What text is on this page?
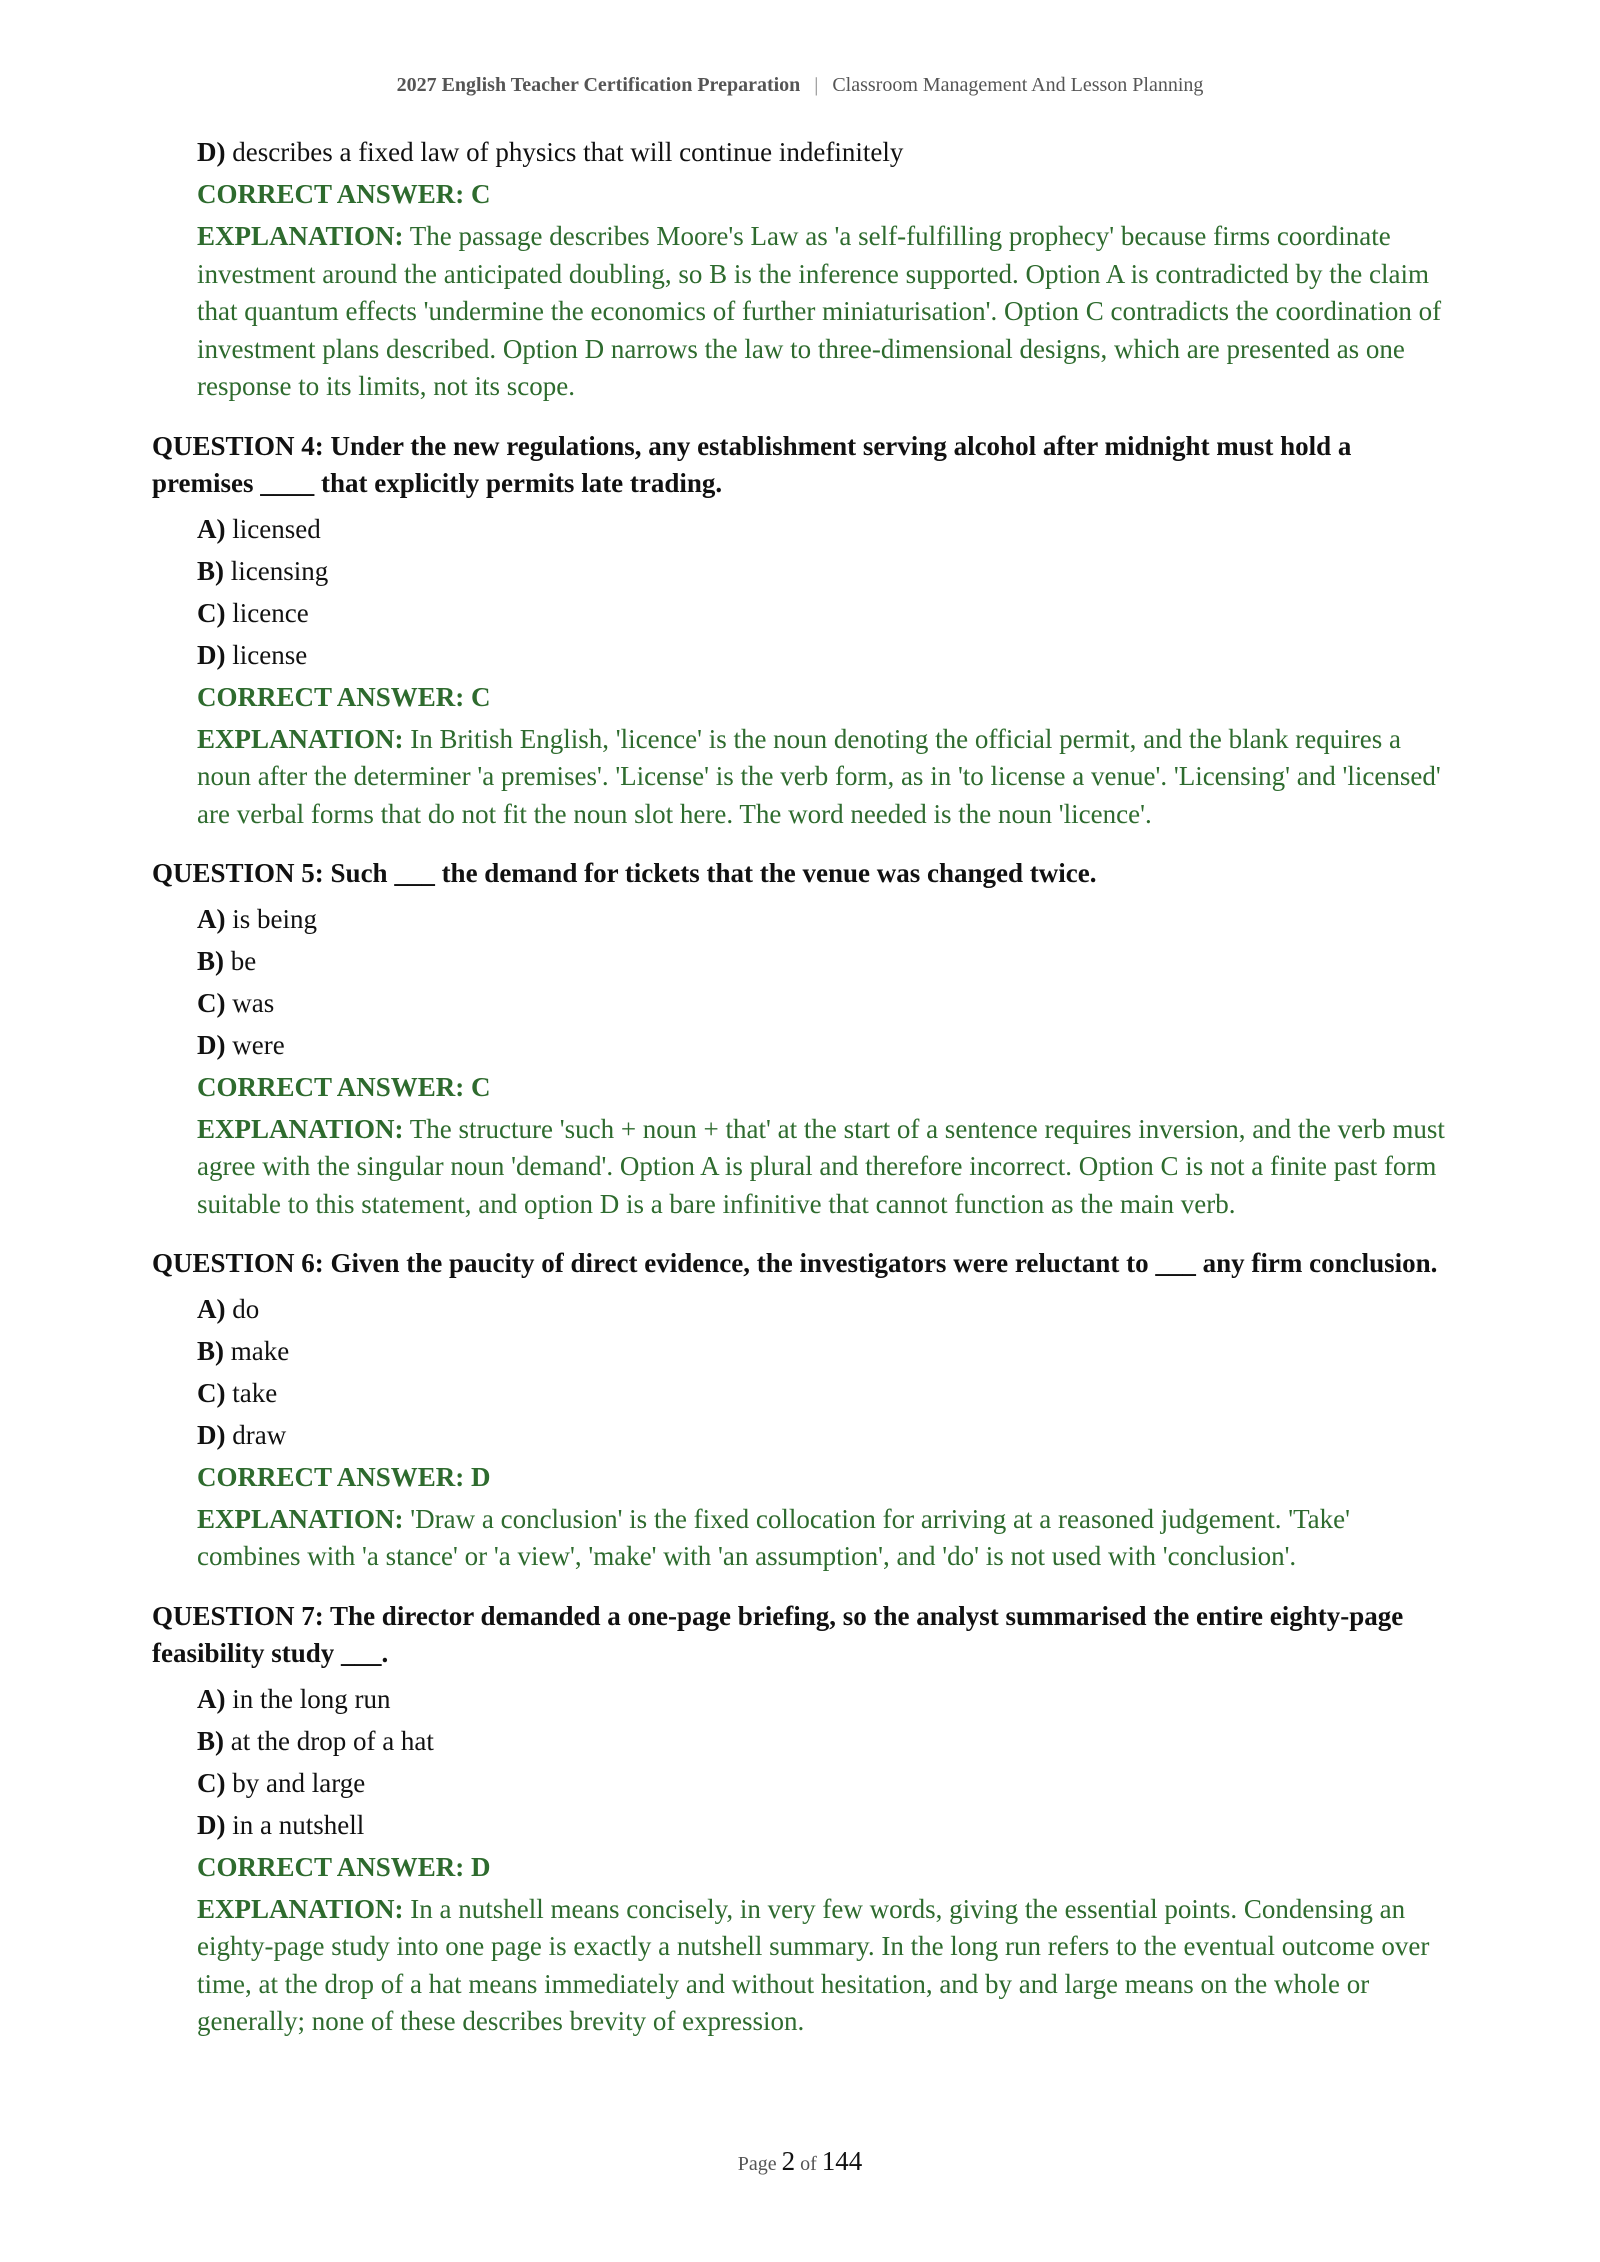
2027 English Teacher Certification Preparation | Classroom Management And Lesson Planning
D) describes a fixed law of physics that will continue indefinitely
CORRECT ANSWER: C
EXPLANATION: The passage describes Moore's Law as 'a self-fulfilling prophecy' because firms coordinate investment around the anticipated doubling, so B is the inference supported. Option A is contradicted by the claim that quantum effects 'undermine the economics of further miniaturisation'. Option C contradicts the coordination of investment plans described. Option D narrows the law to three-dimensional designs, which are presented as one response to its limits, not its scope.
QUESTION 4: Under the new regulations, any establishment serving alcohol after midnight must hold a premises ____ that explicitly permits late trading.
A) licensed
B) licensing
C) licence
D) license
CORRECT ANSWER: C
EXPLANATION: In British English, 'licence' is the noun denoting the official permit, and the blank requires a noun after the determiner 'a premises'. 'License' is the verb form, as in 'to license a venue'. 'Licensing' and 'licensed' are verbal forms that do not fit the noun slot here. The word needed is the noun 'licence'.
QUESTION 5: Such ___ the demand for tickets that the venue was changed twice.
A) is being
B) be
C) was
D) were
CORRECT ANSWER: C
EXPLANATION: The structure 'such + noun + that' at the start of a sentence requires inversion, and the verb must agree with the singular noun 'demand'. Option A is plural and therefore incorrect. Option C is not a finite past form suitable to this statement, and option D is a bare infinitive that cannot function as the main verb.
QUESTION 6: Given the paucity of direct evidence, the investigators were reluctant to ___ any firm conclusion.
A) do
B) make
C) take
D) draw
CORRECT ANSWER: D
EXPLANATION: 'Draw a conclusion' is the fixed collocation for arriving at a reasoned judgement. 'Take' combines with 'a stance' or 'a view', 'make' with 'an assumption', and 'do' is not used with 'conclusion'.
QUESTION 7: The director demanded a one-page briefing, so the analyst summarised the entire eighty-page feasibility study ___.
A) in the long run
B) at the drop of a hat
C) by and large
D) in a nutshell
CORRECT ANSWER: D
EXPLANATION: In a nutshell means concisely, in very few words, giving the essential points. Condensing an eighty-page study into one page is exactly a nutshell summary. In the long run refers to the eventual outcome over time, at the drop of a hat means immediately and without hesitation, and by and large means on the whole or generally; none of these describes brevity of expression.
Page 2 of 144
